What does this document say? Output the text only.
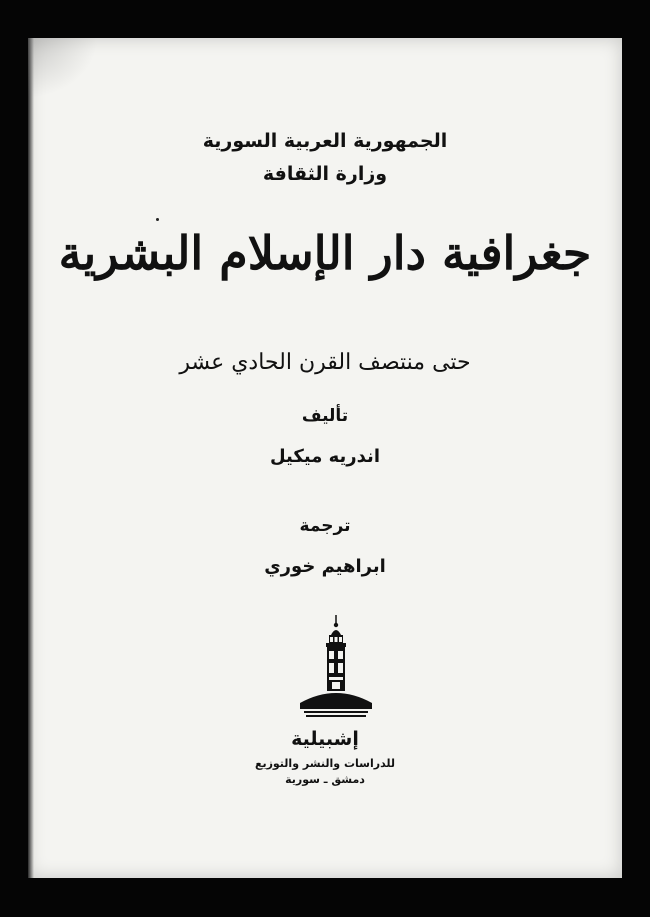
الجمهورية العربية السورية
وزارة الثقافة
جغرافية دار الإسلام البشرية
حتى منتصف القرن الحادي عشر
تأليف
اندريه ميكيل
ترجمة
ابراهيم خوري
إشبيلية
للدراسات والنشر والتوزيع
دمشق ـ سورية
